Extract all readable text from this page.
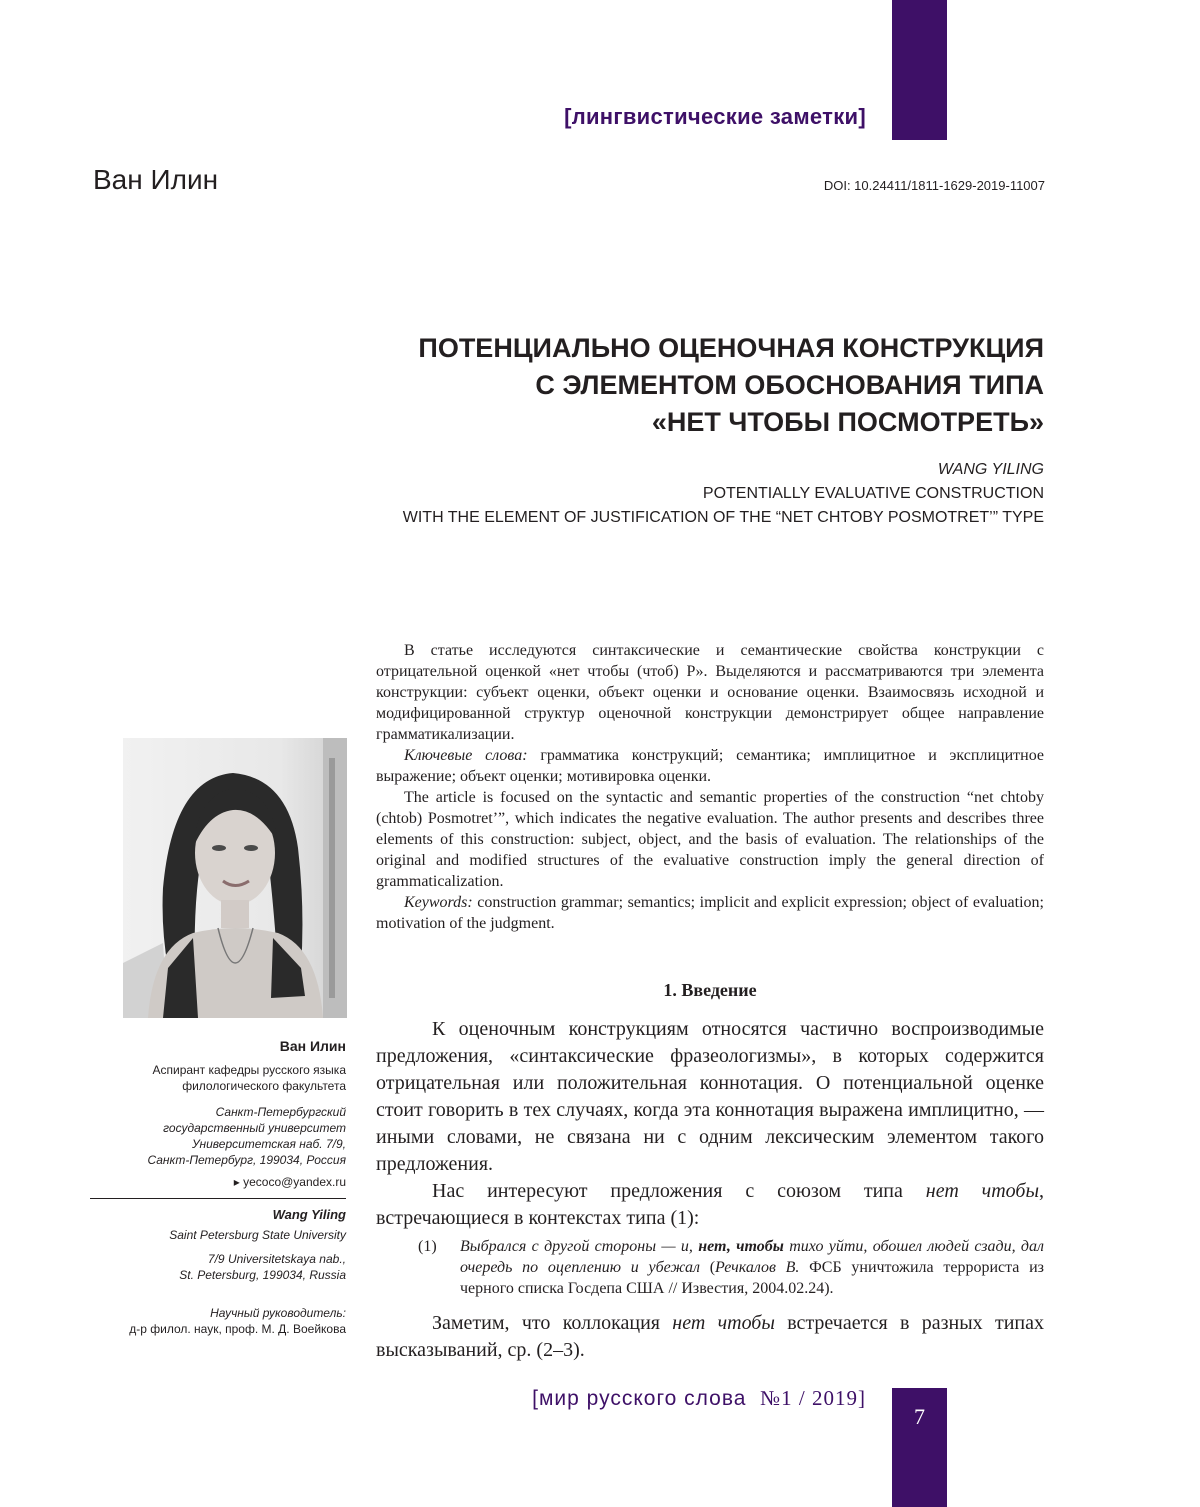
[лингвистические заметки]
Ван Илин	DOI: 10.24411/1811-1629-2019-11007
ПОТЕНЦИАЛЬНО ОЦЕНОЧНАЯ КОНСТРУКЦИЯ
С ЭЛЕМЕНТОМ ОБОСНОВАНИЯ ТИПА
«НЕТ ЧТОБЫ ПОСМОТРЕТЬ»
WANG YILING
POTENTIALLY EVALUATIVE CONSTRUCTION
WITH THE ELEMENT OF JUSTIFICATION OF THE “NET CHTOBY POSMOTRET’” TYPE

В статье исследуются синтаксические и семантические свойства конструкции с отрицательной оценкой «нет чтобы (чтоб) P». Выделяются и рассматриваются три элемента конструкции: субъект оценки, объект оценки и основание оценки. Взаимосвязь исходной и модифицированной структур оценочной конструкции демонстрирует общее направление грамматикализации.

Ключевые слова: грамматика конструкций; семантика; имплицитное и эксплицитное выражение; объект оценки; мотивировка оценки.

The article is focused on the syntactic and semantic properties of the construction “net chtoby (chtob) Posmotret’”, which indicates the negative evaluation. The author presents and describes three elements of this construction: subject, object, and the basis of evaluation. The relationships of the original and modified structures of the evaluative construction imply the general direction of grammaticalization.

Keywords: construction grammar; semantics; implicit and explicit expression; object of evaluation; motivation of the judgment.

Ван Илин
Аспирант кафедры русского языка
филологического факультета
Санкт-Петербургский
государственный университет
Университетская наб. 7/9,
Санкт-Петербург, 199034, Россия
▸ yecoco@yandex.ru
Wang Yiling
Saint Petersburg State University
7/9 Universitetskaya nab.,
St. Petersburg, 199034, Russia
Научный руководитель:
д-р филол. наук, проф. М. Д. Воейкова
1. Введение

К оценочным конструкциям относятся частично воспроизводимые предложения, «синтаксические фразеологизмы», в которых содержится отрицательная или положительная коннотация. О потенциальной оценке стоит говорить в тех случаях, когда эта коннотация выражена имплицитно, — иными словами, не связана ни с одним лексическим элементом такого предложения.

Нас интересуют предложения с союзом типа нет чтобы, встречающиеся в контекстах типа (1):

(1) Выбрался с другой стороны — и, нет, чтобы тихо уйти, обошел людей сзади, дал очередь по оцеплению и убежал (Речкалов В. ФСБ уничтожила террориста из черного списка Госдепа США // Известия, 2004.02.24).

Заметим, что коллокация нет чтобы встречается в разных типах высказываний, ср. (2–3).

[мир русского слова №1 / 2019]
7
